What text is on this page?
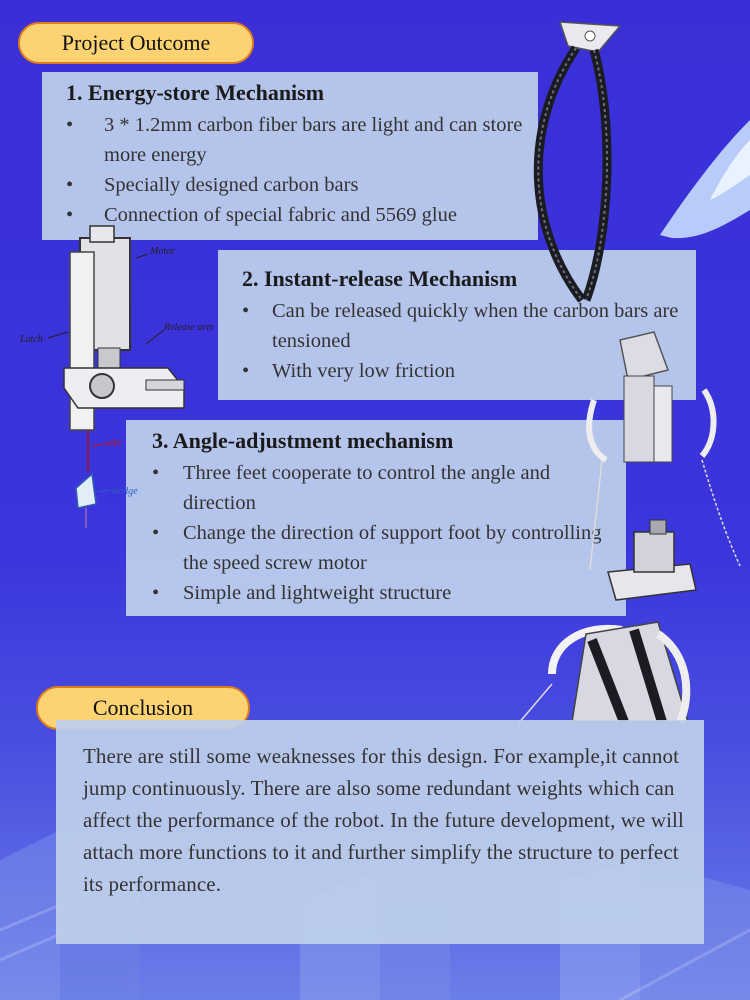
Project Outcome
1. Energy-store Mechanism
• 3 * 1.2mm carbon fiber bars are light and can store more energy
• Specially designed carbon bars
• Connection of special fabric and 5569 glue
2. Instant-release Mechanism
• Can be released quickly when the carbon bars are tensioned
• With very low friction
3. Angle-adjustment mechanism
• Three feet cooperate to control the angle and direction
• Change the direction of support foot by controlling the speed screw motor
• Simple and lightweight structure
Motor
Latch
Release arm
wire
wedge
Conclusion
There are still some weaknesses for this design. For example,it cannot jump continuously. There are also some redundant weights which can affect the performance of the robot. In the future development, we will attach more functions to it and further simplify the structure to perfect its performance.
